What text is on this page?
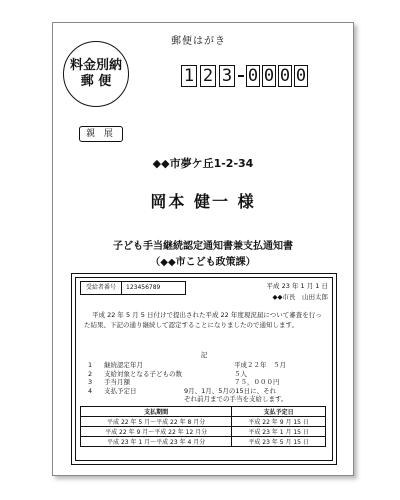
郵便はがき
料金別納
郵 便	1 2 3 0 0 0 0
親 展
◆◆市夢ケ丘1-2-34
岡本 健一 様
子ども手当継続認定通知書兼支払通知書
（◆◆市こども政策課）
受給者番号	123456789	平成 23 年 1 月 1 日
◆◆市長　山田太郎

平成 22 年 5 月 5 日付けで提出された平成 22 年度現況届について審査を行った結果、下記の通り継続して認定することになりましたので通知します。

記
1	継続認定年月	平成２２年　５月
2	支給対象となる子どもの数	５人
3	手当月額	７５，０００円
4	支払予定日	9月、1月、5月の15日に、それ
ぞれ前月までの手当を支給します。
支払期間	支払予定日
平成 22 年 5 月〜平成 22 年 8 月分	平成 22 年 9 月 15 日
平成 22 年 9 月〜平成 22 年 12 月分	平成 23 年 1 月 15 日
平成 23 年 1 月〜平成 23 年 4 月分	平成 23 年 5 月 15 日
